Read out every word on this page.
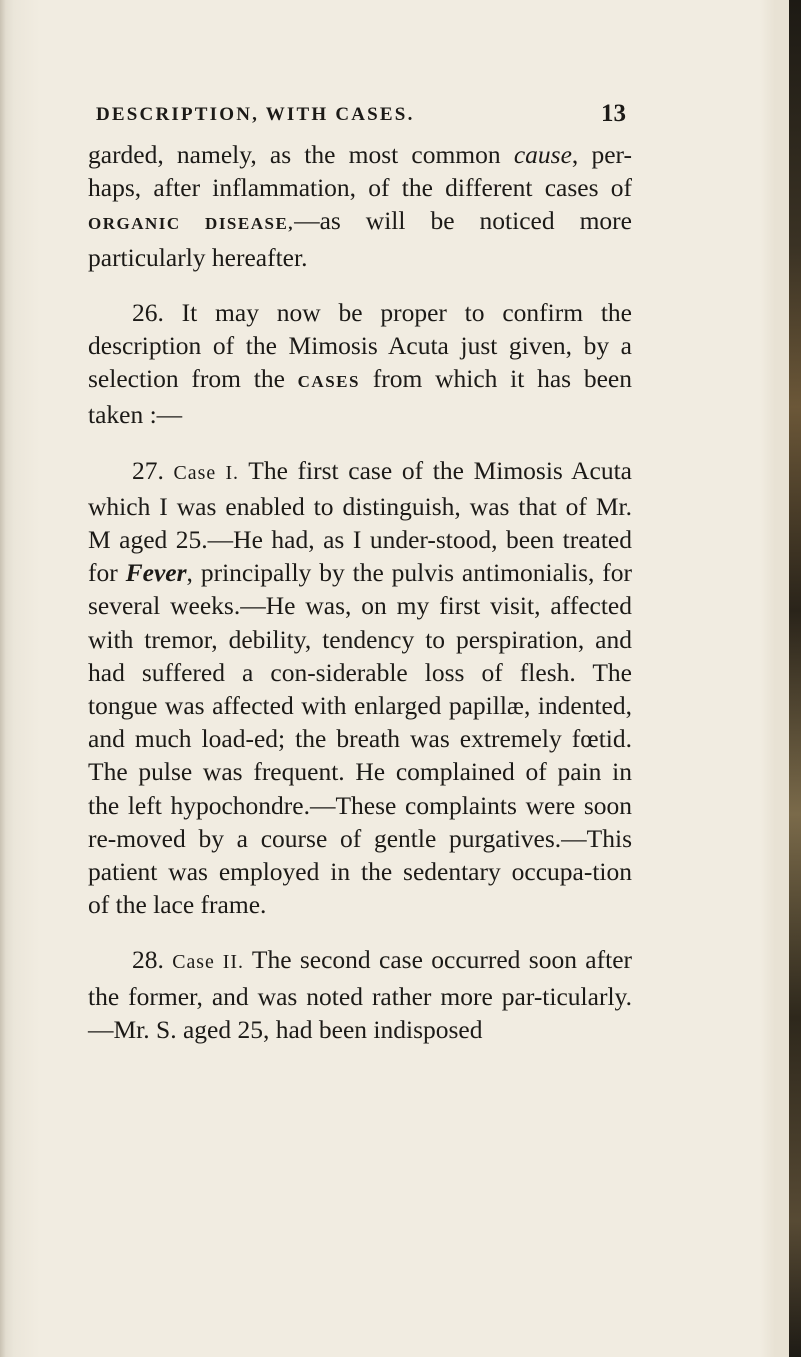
DESCRIPTION, WITH CASES.	13

garded, namely, as the most common cause, per-haps, after inflammation, of the different cases of ORGANIC DISEASE,—as will be noticed more particularly hereafter.

26. It may now be proper to confirm the description of the Mimosis Acuta just given, by a selection from the CASES from which it has been taken :—

27. Case I. The first case of the Mimosis Acuta which I was enabled to distinguish, was that of Mr. M aged 25.—He had, as I under-stood, been treated for Fever, principally by the pulvis antimonialis, for several weeks.—He was, on my first visit, affected with tremor, debility, tendency to perspiration, and had suffered a con-siderable loss of flesh. The tongue was affected with enlarged papillæ, indented, and much load-ed; the breath was extremely fœtid. The pulse was frequent. He complained of pain in the left hypochondre.—These complaints were soon re-moved by a course of gentle purgatives.—This patient was employed in the sedentary occupa-tion of the lace frame.

28. Case II. The second case occurred soon after the former, and was noted rather more par-ticularly.—Mr. S. aged 25, had been indisposed
